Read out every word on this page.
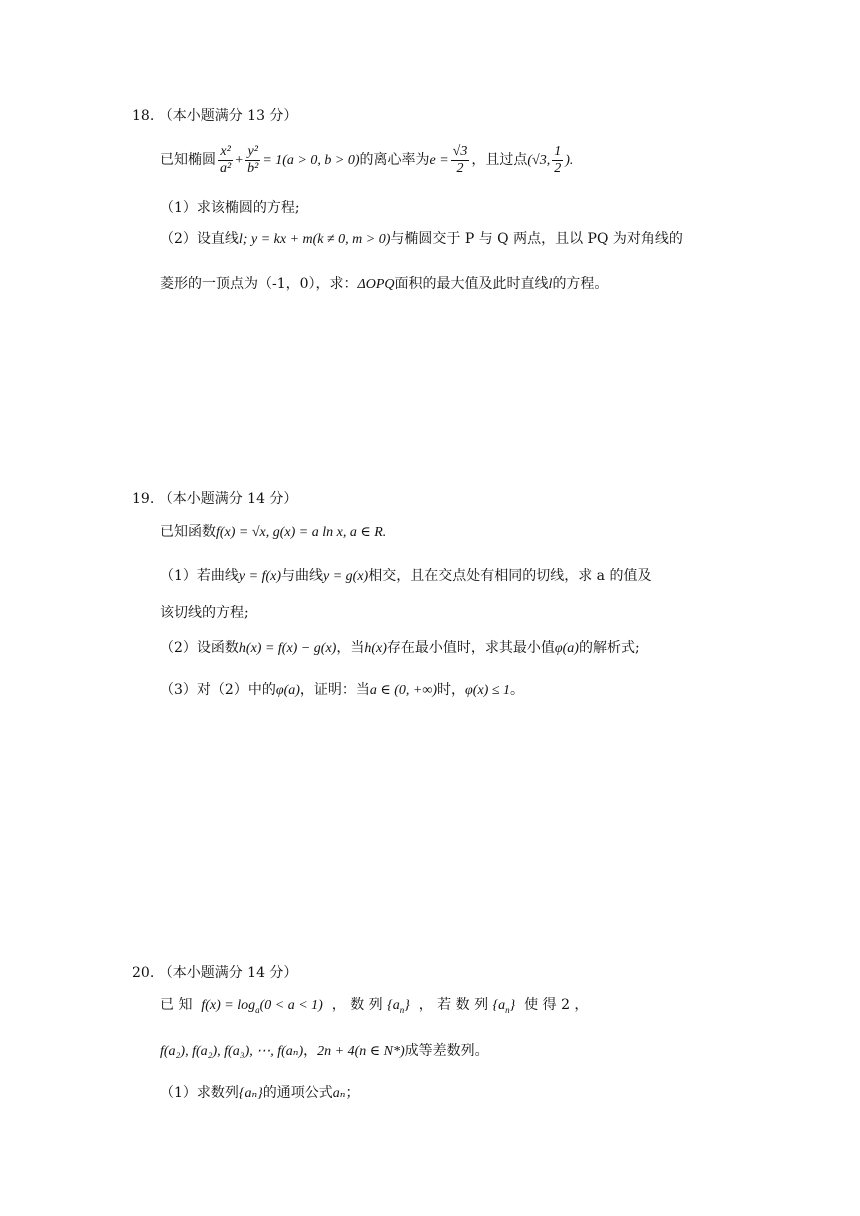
18. （本小题满分 13 分）
已知椭圆 $\frac{\text{x²}}{\text{a²}} + \frac{\text{y²}}{\text{b²}} = 1(a > 0$, b > 0)的离心率为$e = \frac{√3}{2}$ ，且过点(√3, $\frac{1}{2}$ ).
（1）求该椭圆的方程;
（2）设直线l; y = kx + m(k ≠ 0, m > 0)与椭圆交于 P 与 Q 两点，且以 PQ 为对角线的
菱形的一顶点为（-1，0），求：ΔOPQ面积的最大值及此时直线l的方程。
19. （本小题满分 14 分）
已知函数f(x) = √x, g(x) = a ln x, a ∈ R.
（1）若曲线y = f(x)与曲线y = g(x)相交，且在交点处有相同的切线，求 a 的值及
该切线的方程;
（2）设函数h(x) = f(x) − g(x)，当h(x)存在最小值时，求其最小值φ(a)的解析式;
（3）对（2）中的φ(a)，证明：当a ∈ (0, +∞)时，φ(x) ≤ 1。
20. （本小题满分 14 分）
已 知 $f(x) = \log_a(0 < a < 1)$ ， 数 列 $\{a_n\}$ ， 若 数 列 $\{a_n\}$ 使 得 2 ，
f(a₂), f(a₂), f(a₃), ⋯, f(aₙ)，2n + 4(n ∈ N*)成等差数列。
（1）求数列{aₙ}的通项公式aₙ；
